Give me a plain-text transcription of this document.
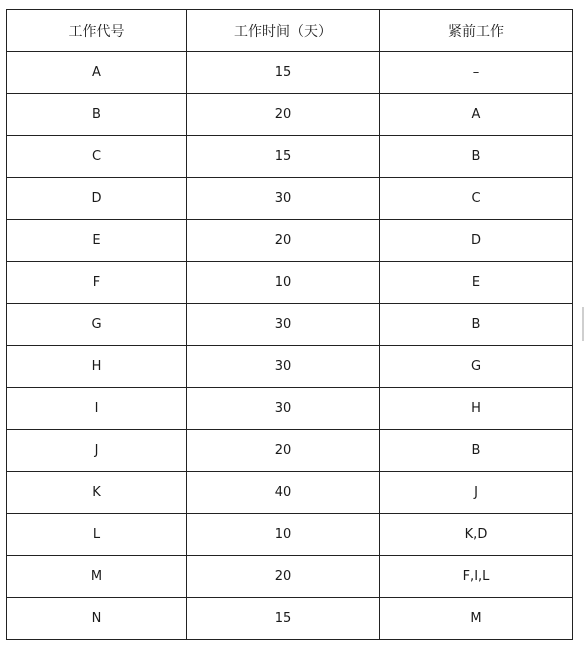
工作代号	工作时间（天）	紧前工作
A	15	–
B	20	A
C	15	B
D	30	C
E	20	D
F	10	E
G	30	B
H	30	G
I	30	H
J	20	B
K	40	J
L	10	K,D
M	20	F,I,L
N	15	M
